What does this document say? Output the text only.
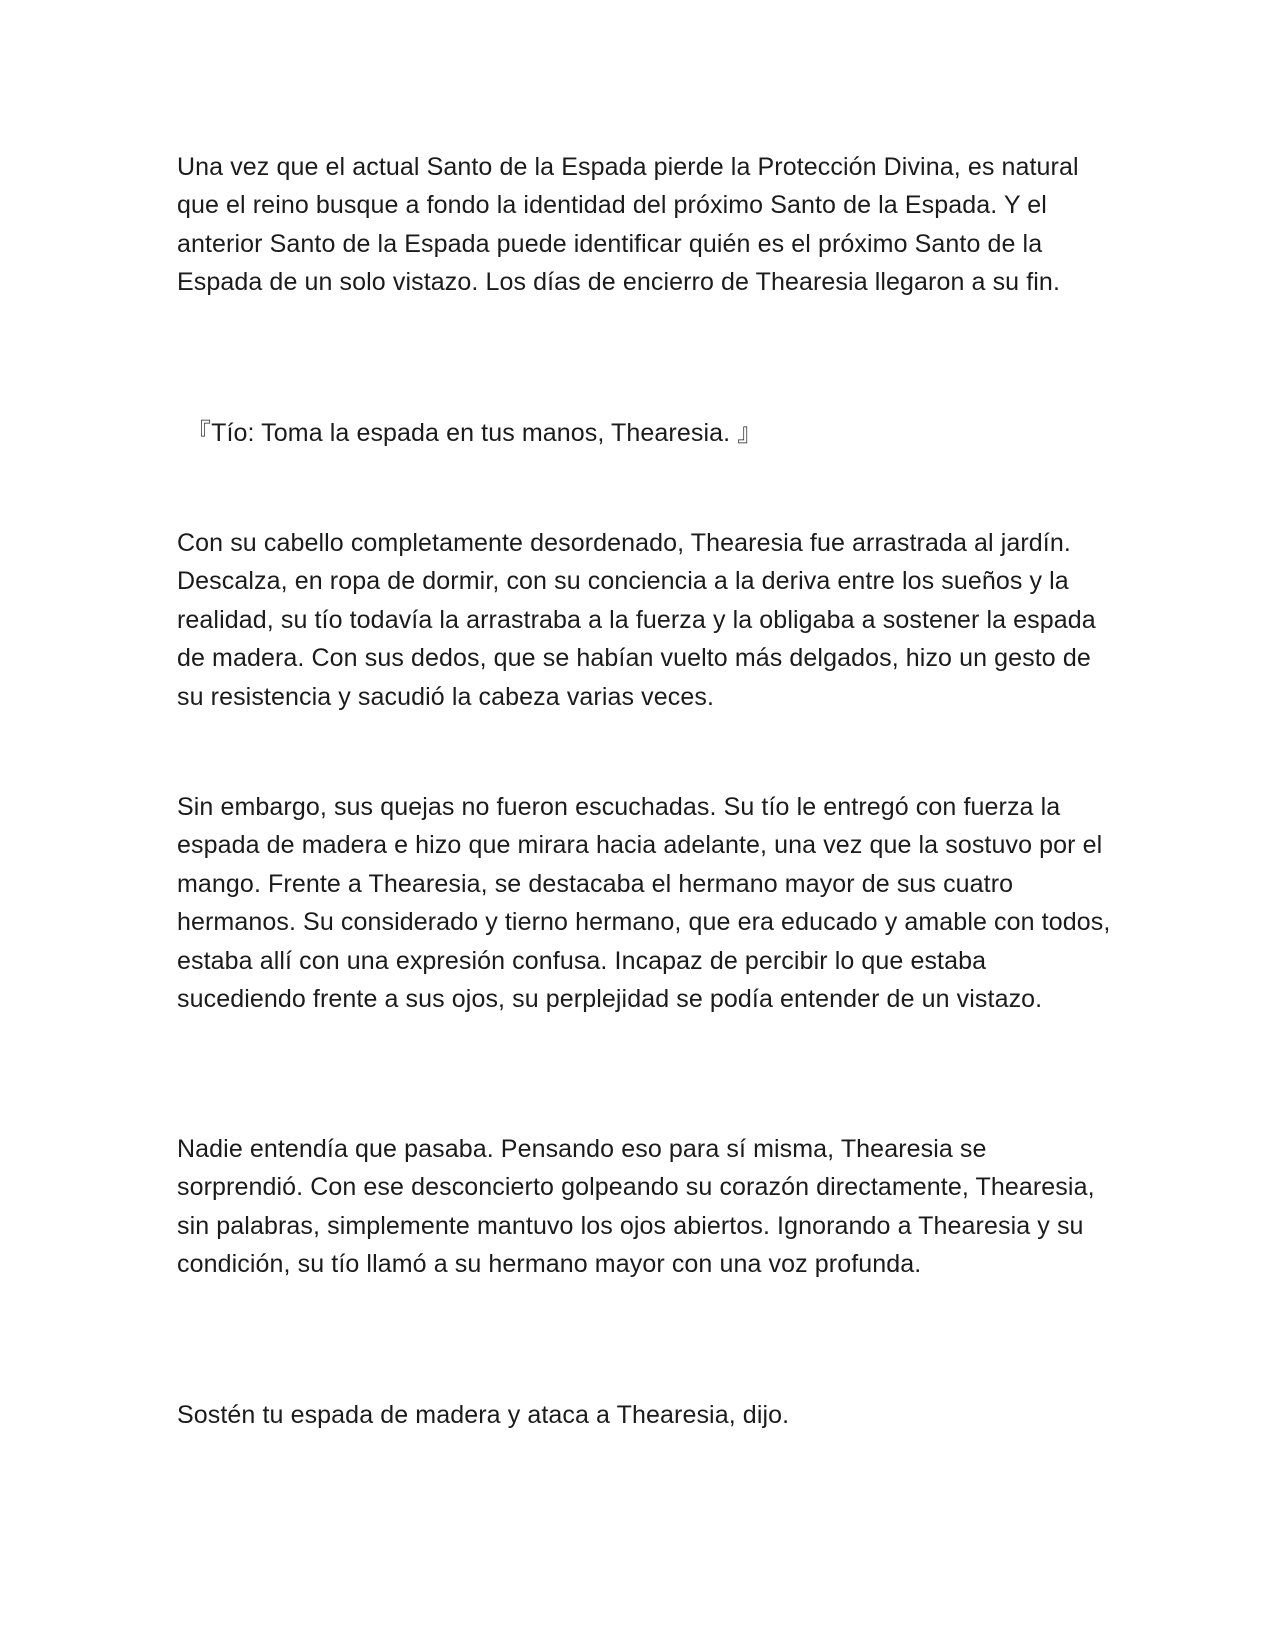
Una vez que el actual Santo de la Espada pierde la Protección Divina, es natural que el reino busque a fondo la identidad del próximo Santo de la Espada. Y el anterior Santo de la Espada puede identificar quién es el próximo Santo de la Espada de un solo vistazo. Los días de encierro de Thearesia llegaron a su fin.

『Tío: Toma la espada en tus manos, Thearesia. 』

Con su cabello completamente desordenado, Thearesia fue arrastrada al jardín. Descalza, en ropa de dormir, con su conciencia a la deriva entre los sueños y la realidad, su tío todavía la arrastraba a la fuerza y la obligaba a sostener la espada de madera. Con sus dedos, que se habían vuelto más delgados, hizo un gesto de su resistencia y sacudió la cabeza varias veces.

Sin embargo, sus quejas no fueron escuchadas. Su tío le entregó con fuerza la espada de madera e hizo que mirara hacia adelante, una vez que la sostuvo por el mango. Frente a Thearesia, se destacaba el hermano mayor de sus cuatro hermanos. Su considerado y tierno hermano, que era educado y amable con todos, estaba allí con una expresión confusa. Incapaz de percibir lo que estaba sucediendo frente a sus ojos, su perplejidad se podía entender de un vistazo.

Nadie entendía que pasaba. Pensando eso para sí misma, Thearesia se sorprendió. Con ese desconcierto golpeando su corazón directamente, Thearesia, sin palabras, simplemente mantuvo los ojos abiertos. Ignorando a Thearesia y su condición, su tío llamó a su hermano mayor con una voz profunda.

Sostén tu espada de madera y ataca a Thearesia, dijo.
